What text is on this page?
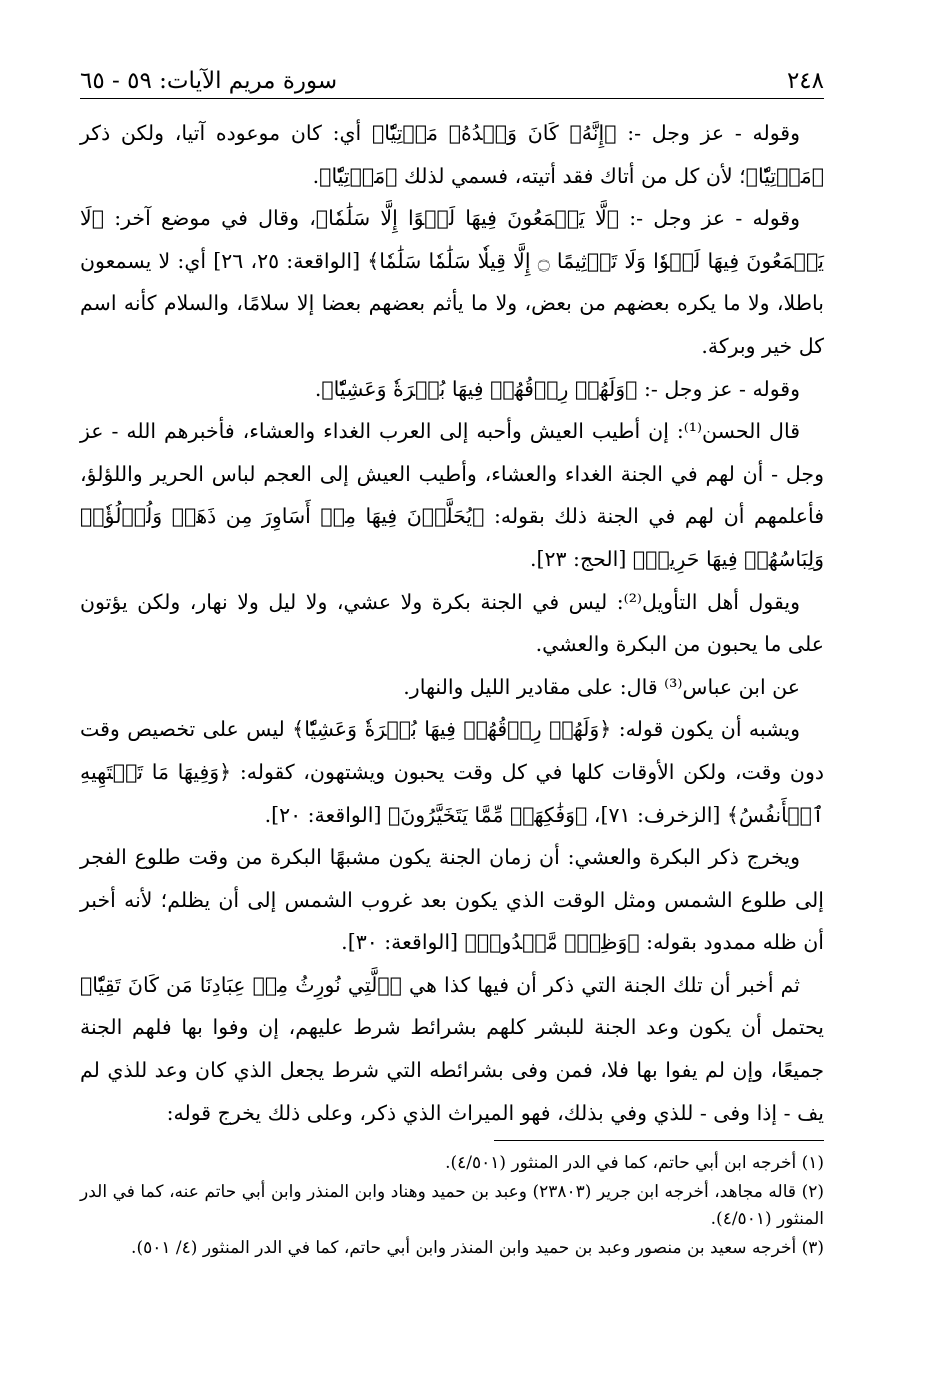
٢٤٨
سورة مريم الآيات: ٥٩ - ٦٥

وقوله - عز وجل -: ﴿إِنَّهُۥ كَانَ وَعۡدُهُۥ مَأۡتِيّٗا﴾ أي: كان موعوده آتيا، ولكن ذكر ﴿مَأۡتِيّٗا﴾؛ لأن كل من أتاك فقد أتيته، فسمي لذلك ﴿مَأۡتِيّٗا﴾.

وقوله - عز وجل -: ﴿لَّا يَسۡمَعُونَ فِيهَا لَغۡوًا إِلَّا سَلَٰمٗا﴾، وقال في موضع آخر: ﴿لَا يَسۡمَعُونَ فِيهَا لَغۡوٗا وَلَا تَأۡثِيمًا ۝ إِلَّا قِيلٗا سَلَٰمٗا سَلَٰمٗا﴾ [الواقعة: ٢٥، ٢٦] أي: لا يسمعون باطلا، ولا ما يكره بعضهم من بعض، ولا ما يأثم بعضهم بعضا إلا سلامًا، والسلام كأنه اسم كل خير وبركة.

وقوله - عز وجل -: ﴿وَلَهُمۡ رِزۡقُهُمۡ فِيهَا بُكۡرَةٗ وَعَشِيّٗا﴾.

قال الحسن⁽¹⁾: إن أطيب العيش وأحبه إلى العرب الغداء والعشاء، فأخبرهم الله - عز وجل - أن لهم في الجنة الغداء والعشاء، وأطيب العيش إلى العجم لباس الحرير واللؤلؤ، فأعلمهم أن لهم في الجنة ذلك بقوله: ﴿يُحَلَّوۡنَ فِيهَا مِنۡ أَسَاوِرَ مِن ذَهَبٖ وَلُؤۡلُؤٗاۖ وَلِبَاسُهُمۡ فِيهَا حَرِيرٞ﴾ [الحج: ٢٣].

ويقول أهل التأويل⁽²⁾: ليس في الجنة بكرة ولا عشي، ولا ليل ولا نهار، ولكن يؤتون على ما يحبون من البكرة والعشي.

عن ابن عباس⁽³⁾ قال: على مقادير الليل والنهار.

ويشبه أن يكون قوله: ﴿وَلَهُمۡ رِزۡقُهُمۡ فِيهَا بُكۡرَةٗ وَعَشِيّٗا﴾ ليس على تخصيص وقت دون وقت، ولكن الأوقات كلها في كل وقت يحبون ويشتهون، كقوله: ﴿وَفِيهَا مَا تَشۡتَهِيهِ ٱلۡأَنفُسُ﴾ [الزخرف: ٧١]، ﴿وَفَٰكِهَةٖ مِّمَّا يَتَخَيَّرُونَ﴾ [الواقعة: ٢٠].

ويخرج ذكر البكرة والعشي: أن زمان الجنة يكون مشبهًا البكرة من وقت طلوع الفجر إلى طلوع الشمس ومثل الوقت الذي يكون بعد غروب الشمس إلى أن يظلم؛ لأنه أخبر أن ظله ممدود بقوله: ﴿وَظِلّٖ مَّمۡدُودٖ﴾ [الواقعة: ٣٠].

ثم أخبر أن تلك الجنة التي ذكر أن فيها كذا هي ﴿ٱلَّتِي نُورِثُ مِنۡ عِبَادِنَا مَن كَانَ تَقِيّٗا﴾ يحتمل أن يكون وعد الجنة للبشر كلهم بشرائط شرط عليهم، إن وفوا بها فلهم الجنة جميعًا، وإن لم يفوا بها فلا، فمن وفى بشرائطه التي شرط يجعل الذي كان وعد للذي لم يف - إذا وفى - للذي وفي بذلك، فهو الميراث الذي ذكر، وعلى ذلك يخرج قوله:

(١) أخرجه ابن أبي حاتم، كما في الدر المنثور (٤/٥٠١).

(٢) قاله مجاهد، أخرجه ابن جرير (٢٣٨٠٣) وعبد بن حميد وهناد وابن المنذر وابن أبي حاتم عنه، كما في الدر المنثور (٤/٥٠١).

(٣) أخرجه سعيد بن منصور وعبد بن حميد وابن المنذر وابن أبي حاتم، كما في الدر المنثور (٤/ ٥٠١).
